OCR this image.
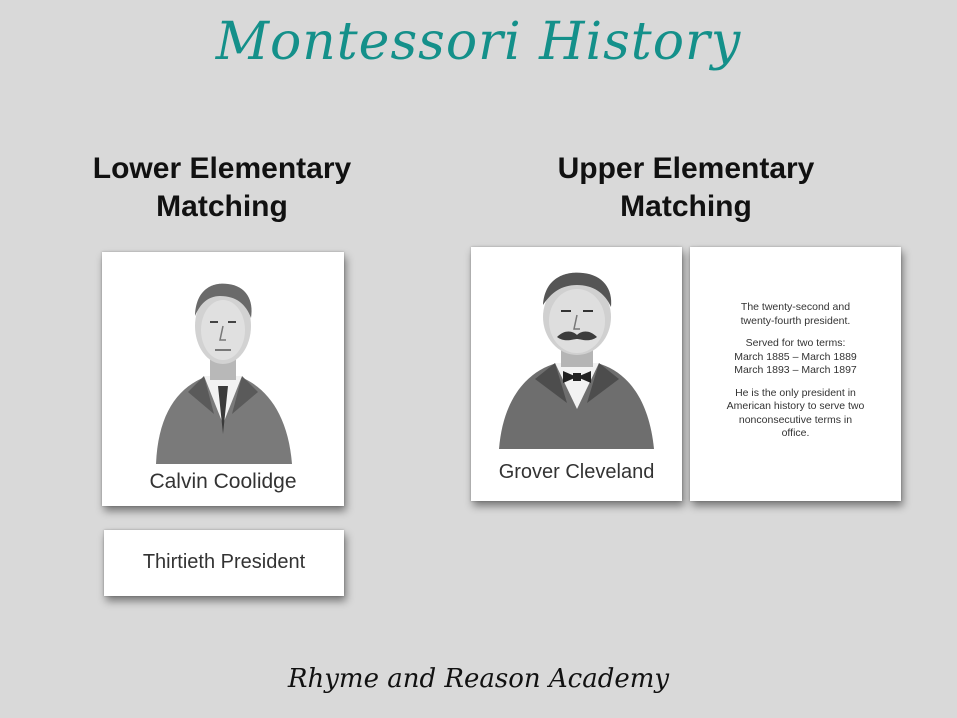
Montessori History
Lower Elementary
Matching
Upper Elementary
Matching
Calvin Coolidge
Thirtieth President
Grover Cleveland

The twenty-second and
twenty-fourth president.

Served for two terms:
March 1885 – March 1889
March 1893 – March 1897

He is the only president in
American history to serve two
nonconsecutive terms in
office.

Rhyme and Reason Academy
